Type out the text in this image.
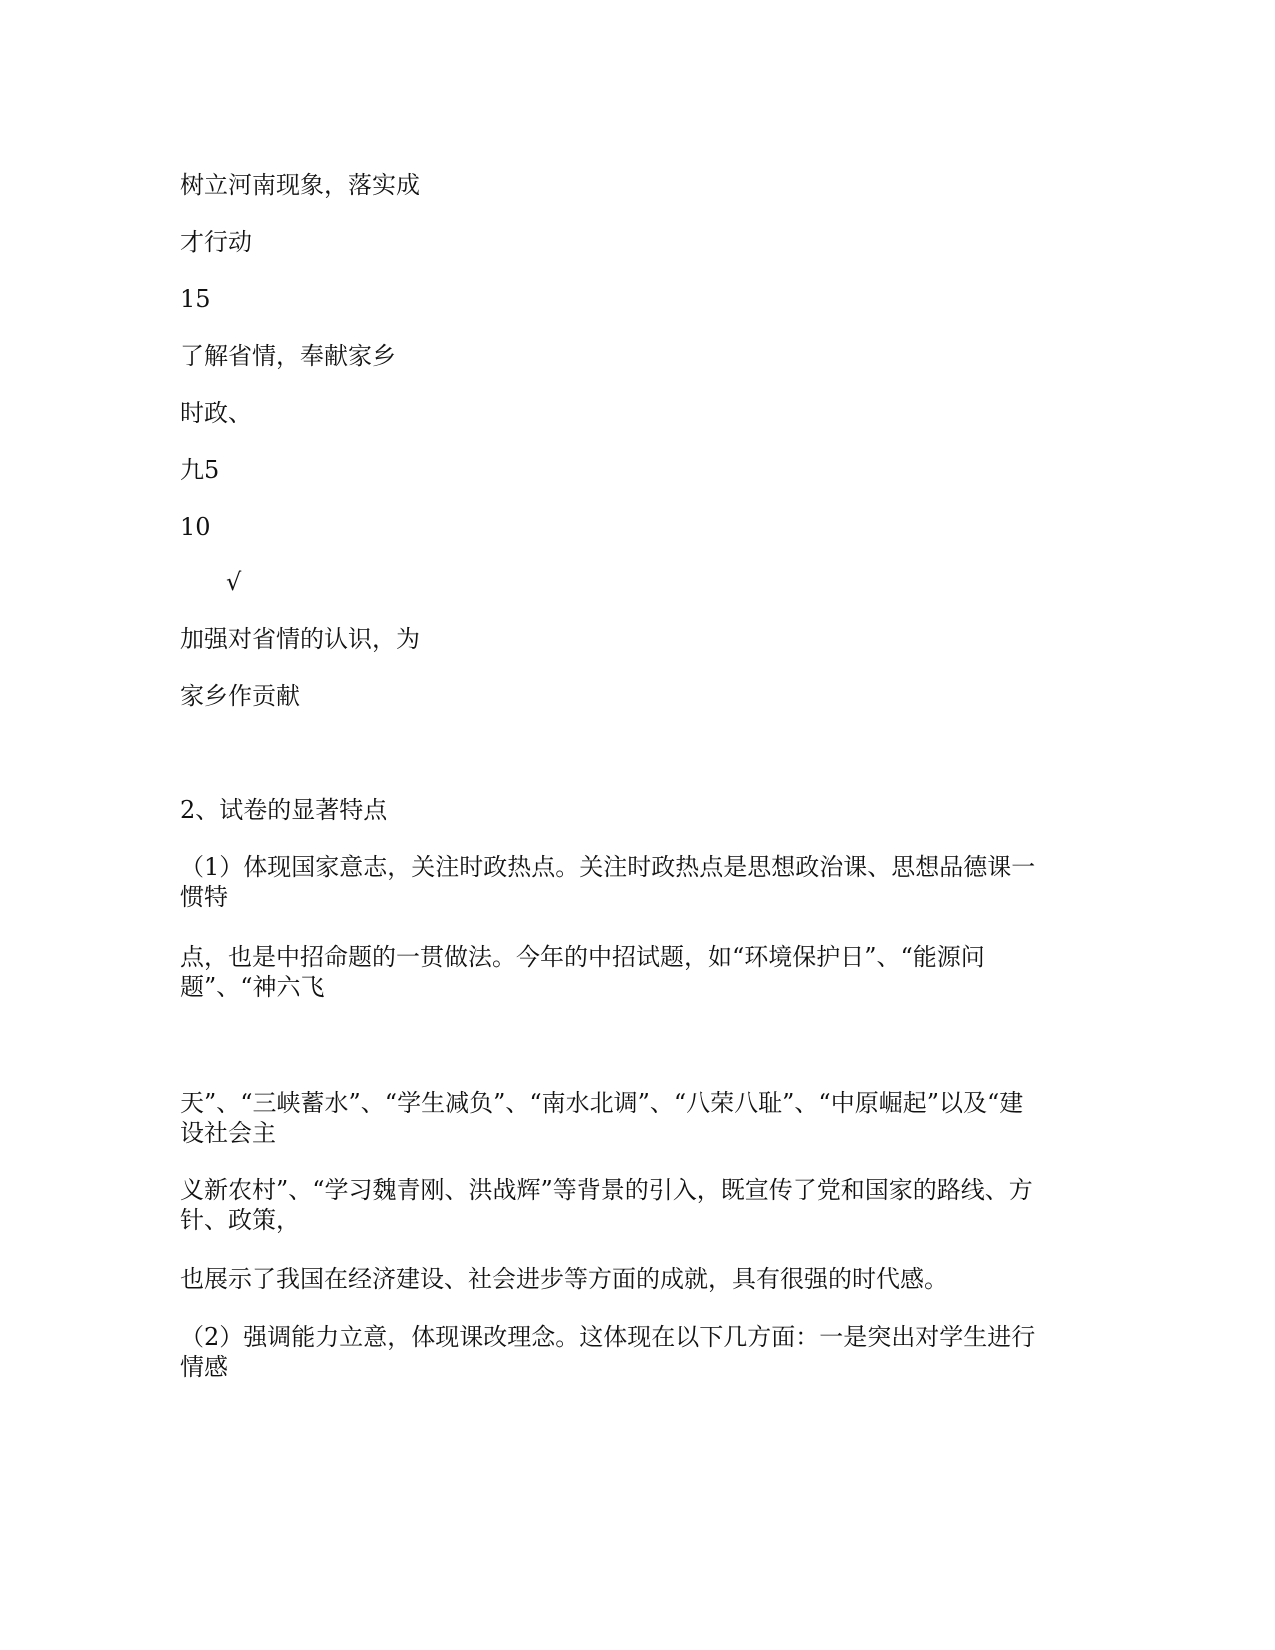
树立河南现象，落实成
才行动
15
了解省情，奉献家乡
时政、
九5
10
√
加强对省情的认识，为
家乡作贡献
2、试卷的显著特点
（1）体现国家意志，关注时政热点。关注时政热点是思想政治课、思想品德课一惯特
点，也是中招命题的一贯做法。今年的中招试题，如“环境保护日”、“能源问题”、“神六飞
天”、“三峡蓄水”、“学生减负”、“南水北调”、“八荣八耻”、“中原崛起”以及“建设社会主
义新农村”、“学习魏青刚、洪战辉”等背景的引入，既宣传了党和国家的路线、方针、政策，
也展示了我国在经济建设、社会进步等方面的成就，具有很强的时代感。
（2）强调能力立意，体现课改理念。这体现在以下几方面：一是突出对学生进行情感
